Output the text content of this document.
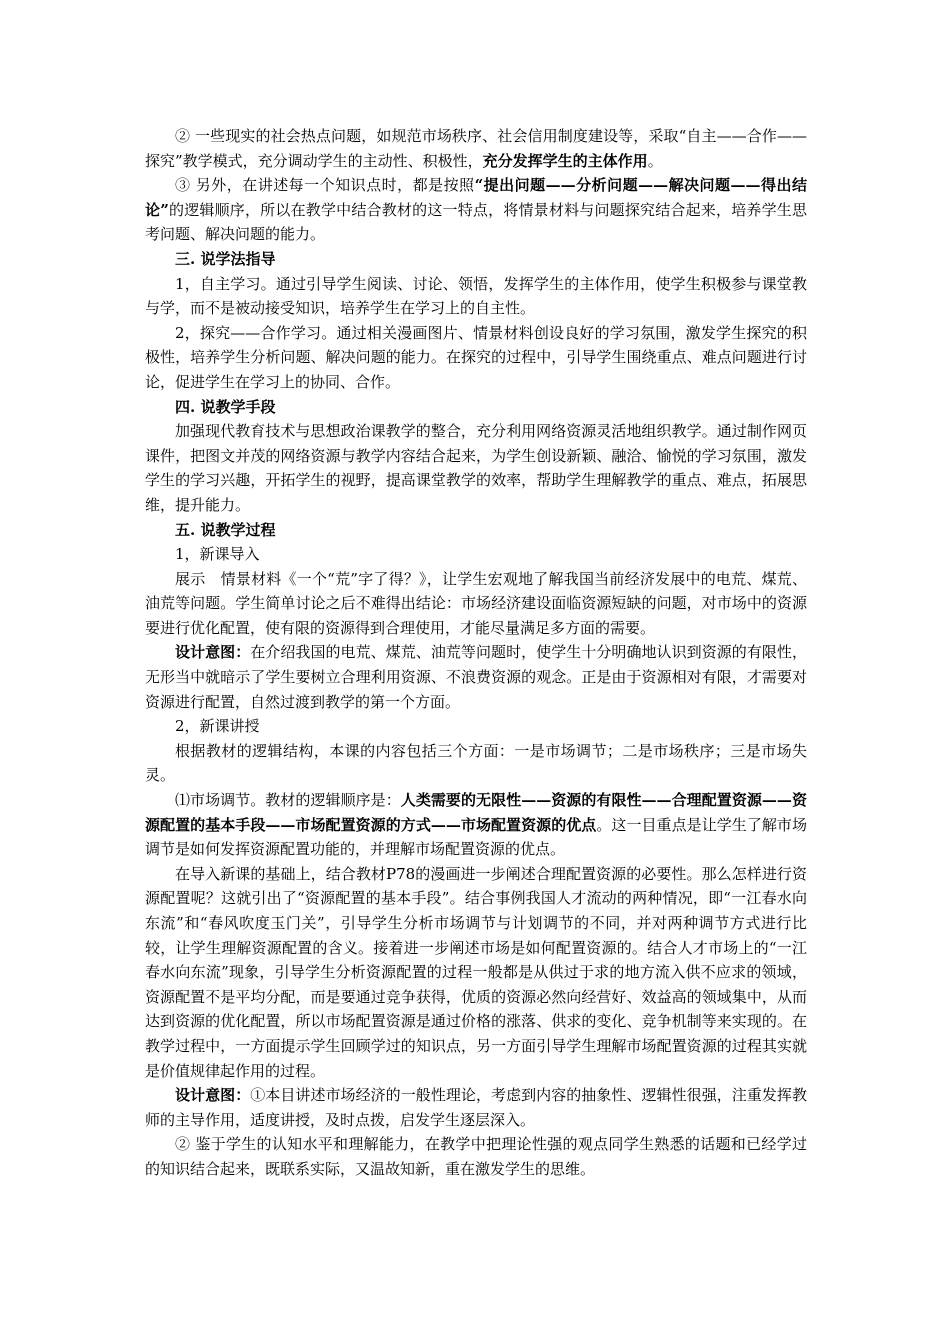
② 一些现实的社会热点问题，如规范市场秩序、社会信用制度建设等，采取“自主——合作——探究”教学模式，充分调动学生的主动性、积极性，充分发挥学生的主体作用。

③ 另外，在讲述每一个知识点时，都是按照“提出问题——分析问题——解决问题——得出结论”的逻辑顺序，所以在教学中结合教材的这一特点，将情景材料与问题探究结合起来，培养学生思考问题、解决问题的能力。

三. 说学法指导

1，自主学习。通过引导学生阅读、讨论、领悟，发挥学生的主体作用，使学生积极参与课堂教与学，而不是被动接受知识，培养学生在学习上的自主性。

2，探究——合作学习。通过相关漫画图片、情景材料创设良好的学习氛围，激发学生探究的积极性，培养学生分析问题、解决问题的能力。在探究的过程中，引导学生围绕重点、难点问题进行讨论，促进学生在学习上的协同、合作。

四. 说教学手段

加强现代教育技术与思想政治课教学的整合，充分利用网络资源灵活地组织教学。通过制作网页课件，把图文并茂的网络资源与教学内容结合起来，为学生创设新颖、融洽、愉悦的学习氛围，激发学生的学习兴趣，开拓学生的视野，提高课堂教学的效率，帮助学生理解教学的重点、难点，拓展思维，提升能力。

五. 说教学过程

1，新课导入

展示　情景材料《一个“荒”字了得？》，让学生宏观地了解我国当前经济发展中的电荒、煤荒、油荒等问题。学生简单讨论之后不难得出结论：市场经济建设面临资源短缺的问题，对市场中的资源要进行优化配置，使有限的资源得到合理使用，才能尽量满足多方面的需要。

设计意图：在介绍我国的电荒、煤荒、油荒等问题时，使学生十分明确地认识到资源的有限性，无形当中就暗示了学生要树立合理利用资源、不浪费资源的观念。正是由于资源相对有限，才需要对资源进行配置，自然过渡到教学的第一个方面。

2，新课讲授

根据教材的逻辑结构，本课的内容包括三个方面：一是市场调节；二是市场秩序；三是市场失灵。

⑴市场调节。教材的逻辑顺序是：人类需要的无限性——资源的有限性——合理配置资源——资源配置的基本手段——市场配置资源的方式——市场配置资源的优点。这一目重点是让学生了解市场调节是如何发挥资源配置功能的，并理解市场配置资源的优点。

在导入新课的基础上，结合教材P78的漫画进一步阐述合理配置资源的必要性。那么怎样进行资源配置呢？这就引出了“资源配置的基本手段”。结合事例我国人才流动的两种情况，即“一江春水向东流”和“春风吹度玉门关”，引导学生分析市场调节与计划调节的不同，并对两种调节方式进行比较，让学生理解资源配置的含义。接着进一步阐述市场是如何配置资源的。结合人才市场上的“一江春水向东流”现象，引导学生分析资源配置的过程一般都是从供过于求的地方流入供不应求的领域，资源配置不是平均分配，而是要通过竞争获得，优质的资源必然向经营好、效益高的领域集中，从而达到资源的优化配置，所以市场配置资源是通过价格的涨落、供求的变化、竞争机制等来实现的。在教学过程中，一方面提示学生回顾学过的知识点，另一方面引导学生理解市场配置资源的过程其实就是价值规律起作用的过程。

设计意图：①本目讲述市场经济的一般性理论，考虑到内容的抽象性、逻辑性很强，注重发挥教师的主导作用，适度讲授，及时点拨，启发学生逐层深入。

② 鉴于学生的认知水平和理解能力，在教学中把理论性强的观点同学生熟悉的话题和已经学过的知识结合起来，既联系实际，又温故知新，重在激发学生的思维。
